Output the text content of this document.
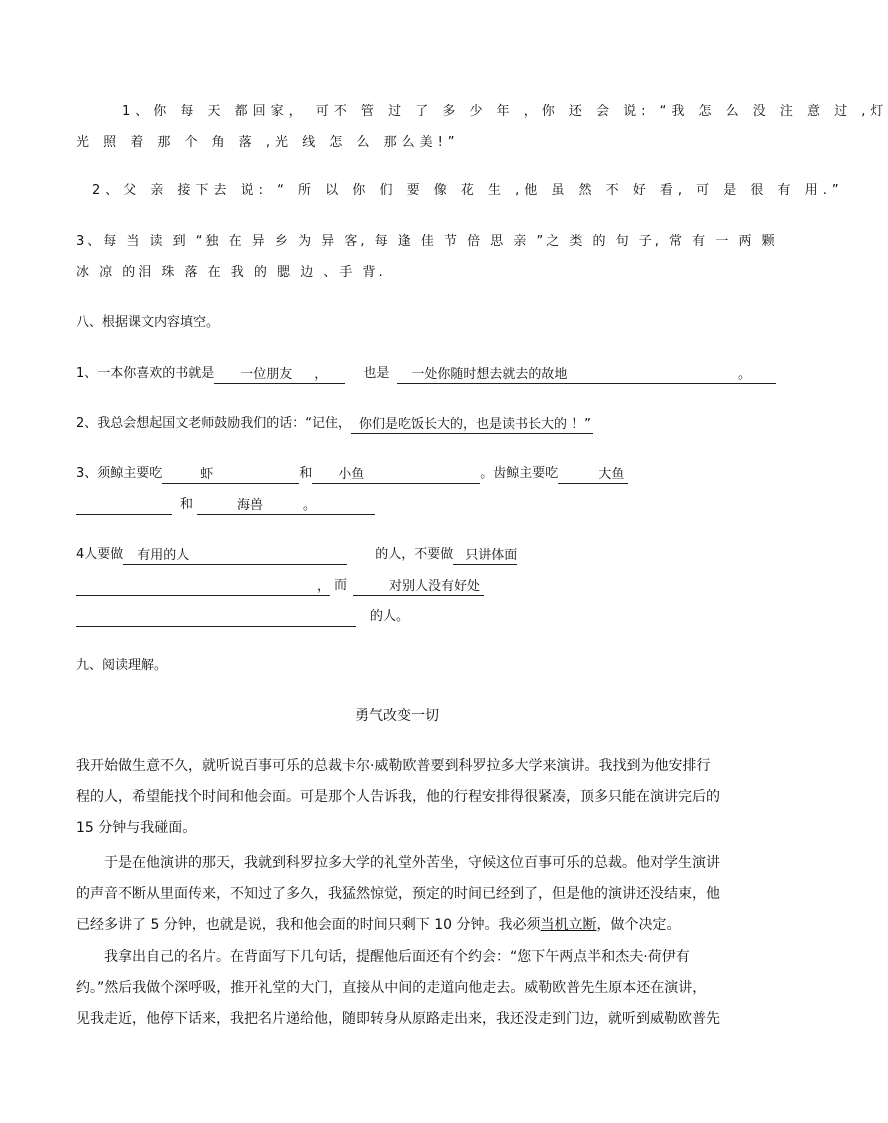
1、你 每 天 都回家， 可不 管 过 了 多 少 年 ，你 还 会 说: “我 怎 么 没 注 意 过 ,灯
光 照 着 那 个 角 落 ,光 线 怎 么 那么美!”
2、父 亲 接下去 说: “ 所 以 你 们 要 像 花 生 ,他 虽 然 不 好 看, 可 是 很 有 用.”
3、每 当 读 到 “独 在 异 乡 为 异 客, 每 逢 佳 节 倍 思 亲 ”之 类 的 句 子, 常 有 一 两 颗
冰 凉 的泪 珠 落 在 我 的 腮 边 、手 背.
八、根据课文内容填空。
1、一本你喜欢的书就是 一位朋友 ，	也是 一处你随时想去就去的故地	。
2、我总会想起国文老师鼓励我们的话：“记住， 你们是吃饭长大的，也是读书长大的 ！”
3、须鲸主要吃	虾	和 小鱼	。齿鲸主要吃	大鱼
和	海兽	。
4人要做 有用的人	的人，不要做 只讲体面
， 而	对别人没有好处
的人。
九、阅读理解。
勇气改变一切
我开始做生意不久，就听说百事可乐的总裁卡尔·威勒欧普要到科罗拉多大学来演讲。我找到为他安排行
程的人，希望能找个时间和他会面。可是那个人告诉我，他的行程安排得很紧凑，顶多只能在演讲完后的
15 分钟与我碰面。
于是在他演讲的那天，我就到科罗拉多大学的礼堂外苦坐，守候这位百事可乐的总裁。他对学生演讲
的声音不断从里面传来，不知过了多久，我猛然惊觉，预定的时间已经到了，但是他的演讲还没结束，他
已经多讲了 5 分钟，也就是说，我和他会面的时间只剩下 10 分钟。我必须当机立断，做个决定。
我拿出自己的名片。在背面写下几句话，提醒他后面还有个约会：“您下午两点半和杰夫·荷伊有
约。”然后我做个深呼吸，推开礼堂的大门，直接从中间的走道向他走去。威勒欧普先生原本还在演讲，
见我走近，他停下话来，我把名片递给他，随即转身从原路走出来，我还没走到门边，就听到威勒欧普先
